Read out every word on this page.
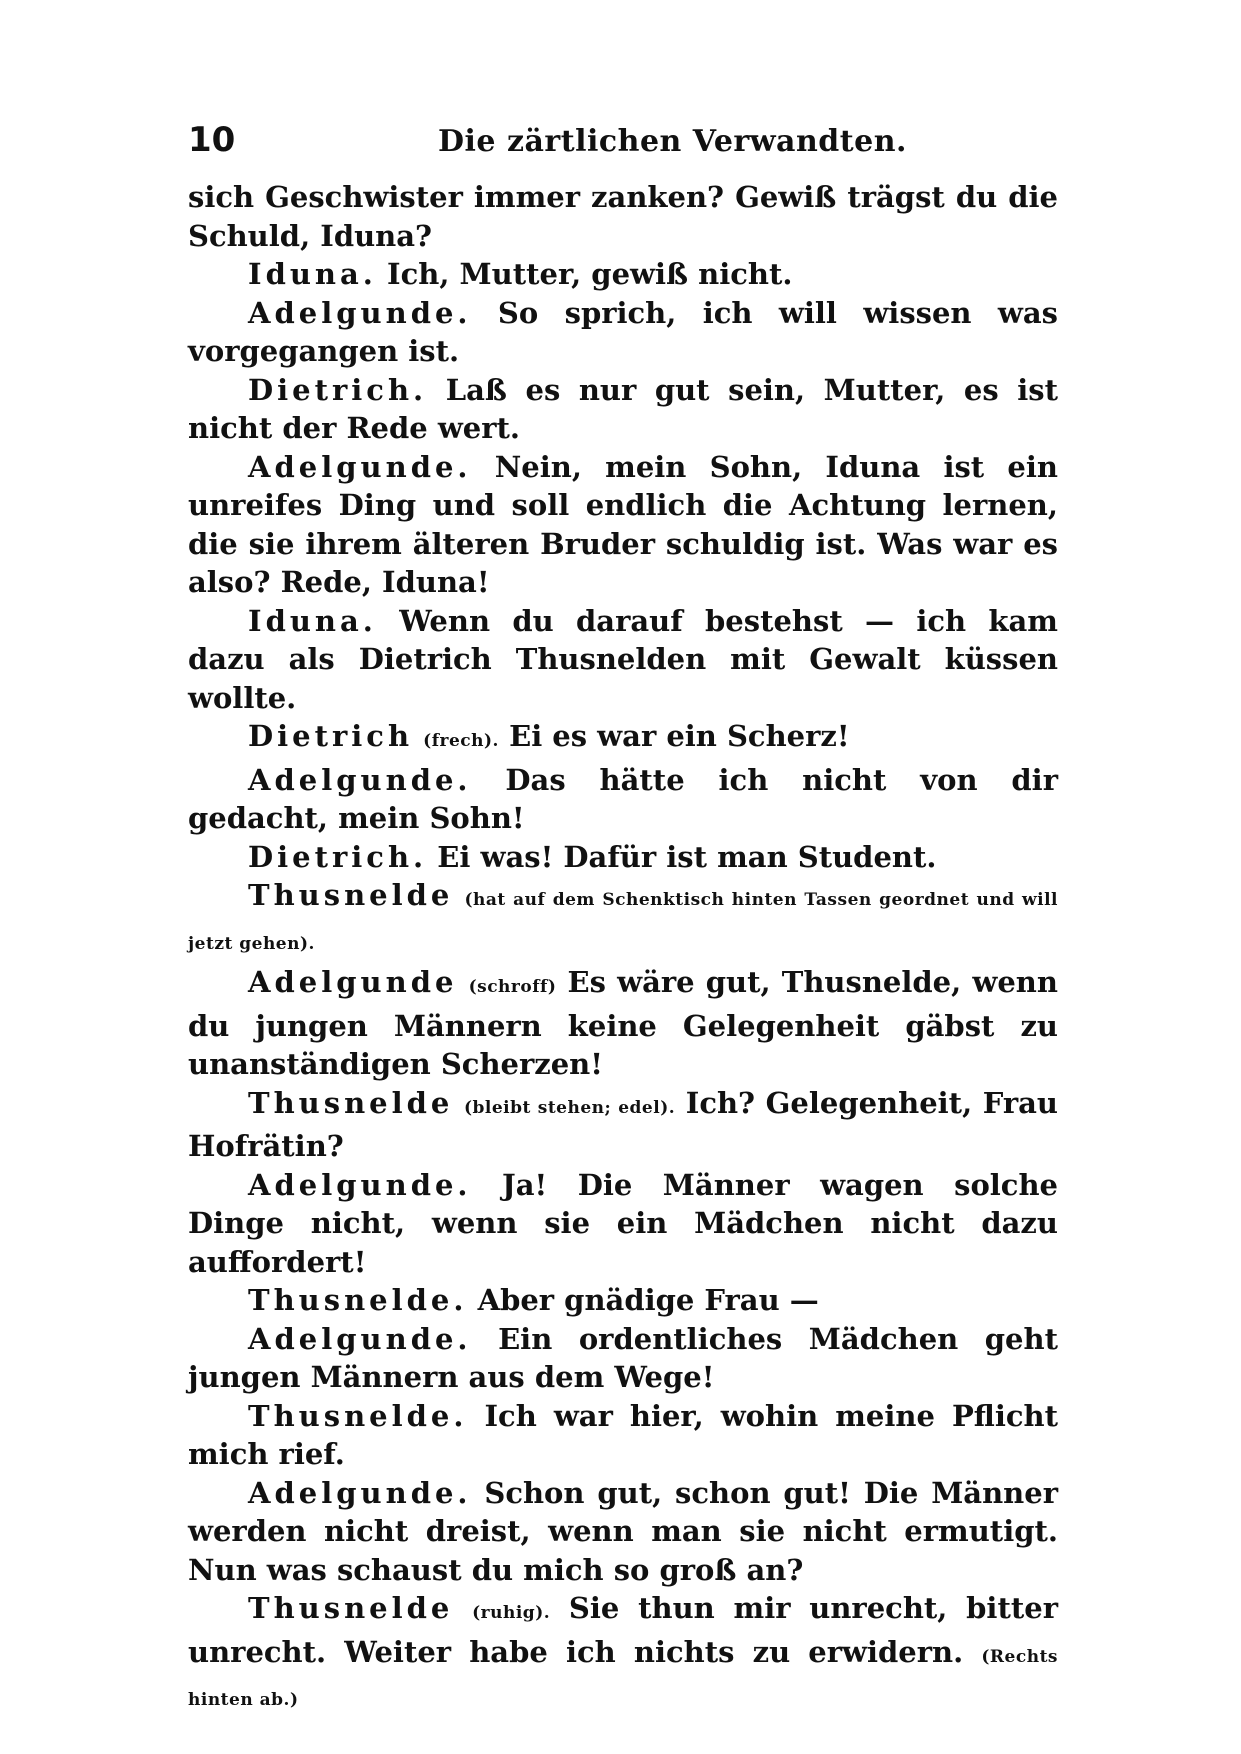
10	Die zärtlichen Verwandten.

sich Geschwister immer zanken? Gewiß trägst du die Schuld, Iduna?

Iduna. Ich, Mutter, gewiß nicht.

Adelgunde. So sprich, ich will wissen was vorgegangen ist.

Dietrich. Laß es nur gut sein, Mutter, es ist nicht der Rede wert.

Adelgunde. Nein, mein Sohn, Iduna ist ein unreifes Ding und soll endlich die Achtung lernen, die sie ihrem älteren Bruder schuldig ist. Was war es also? Rede, Iduna!

Iduna. Wenn du darauf bestehst — ich kam dazu als Dietrich Thusnelden mit Gewalt küssen wollte.

Dietrich (frech). Ei es war ein Scherz!

Adelgunde. Das hätte ich nicht von dir gedacht, mein Sohn!

Dietrich. Ei was! Dafür ist man Student.

Thusnelde (hat auf dem Schenktisch hinten Tassen geordnet und will jetzt gehen).

Adelgunde (schroff) Es wäre gut, Thusnelde, wenn du jungen Männern keine Gelegenheit gäbst zu unanständigen Scherzen!

Thusnelde (bleibt stehen; edel). Ich? Gelegenheit, Frau Hofrätin?

Adelgunde. Ja! Die Männer wagen solche Dinge nicht, wenn sie ein Mädchen nicht dazu auffordert!

Thusnelde. Aber gnädige Frau —

Adelgunde. Ein ordentliches Mädchen geht jungen Männern aus dem Wege!

Thusnelde. Ich war hier, wohin meine Pflicht mich rief.

Adelgunde. Schon gut, schon gut! Die Männer werden nicht dreist, wenn man sie nicht ermutigt. Nun was schaust du mich so groß an?

Thusnelde (ruhig). Sie thun mir unrecht, bitter unrecht. Weiter habe ich nichts zu erwidern. (Rechts hinten ab.)
